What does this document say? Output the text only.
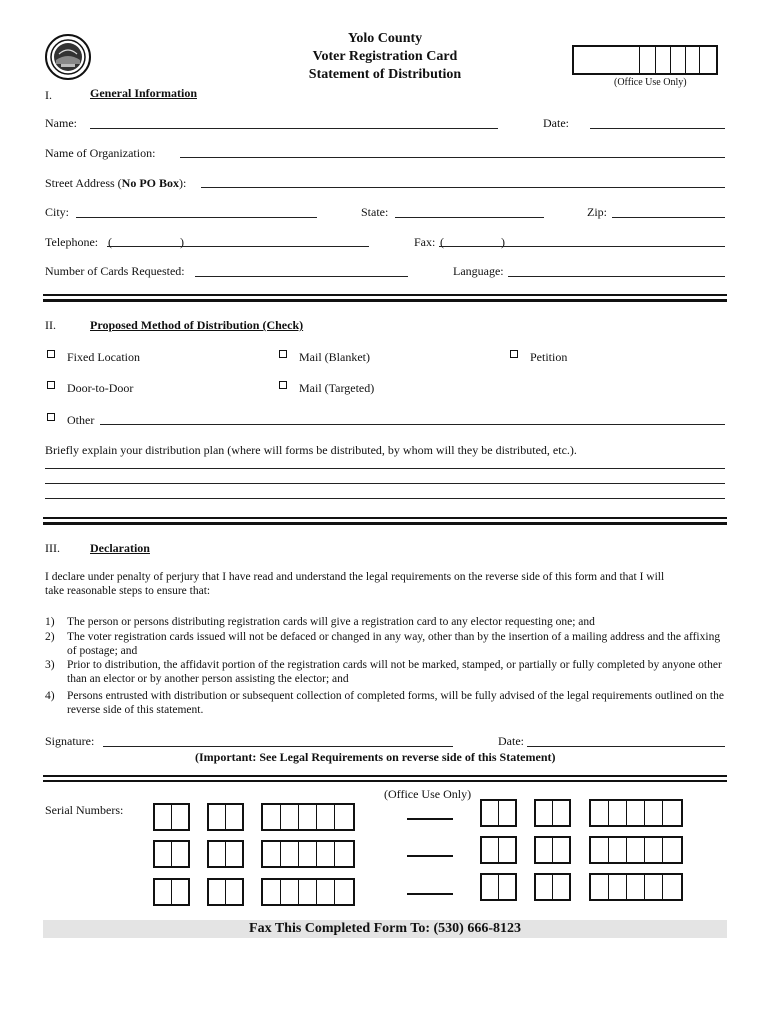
Yolo County
Voter Registration Card
Statement of Distribution
(Office Use Only)
I.	General Information
Name:	Date:
Name of Organization:
Street Address (No PO Box):
City:	State:	Zip:
Telephone: (	)	Fax: (	)
Number of Cards Requested:	Language:
II.	Proposed Method of Distribution (Check)
Fixed Location	Mail (Blanket)	Petition
Door-to-Door	Mail (Targeted)
Other
Briefly explain your distribution plan (where will forms be distributed, by whom will they be distributed, etc.).
III.	Declaration
I declare under penalty of perjury that I have read and understand the legal requirements on the reverse side of this form and that I will
take reasonable steps to ensure that:
1) The person or persons distributing registration cards will give a registration card to any elector requesting one; and
2) The voter registration cards issued will not be defaced or changed in any way, other than by the insertion of a mailing address and the affixing of postage; and
3) Prior to distribution, the affidavit portion of the registration cards will not be marked, stamped, or partially or fully completed by anyone other than an elector or by another person assisting the elector; and
4) Persons entrusted with distribution or subsequent collection of completed forms, will be fully advised of the legal requirements outlined on the reverse side of this statement.
Signature:	Date:
(Important: See Legal Requirements on reverse side of this Statement)
(Office Use Only)
Serial Numbers:
Fax This Completed Form To: (530) 666-8123
